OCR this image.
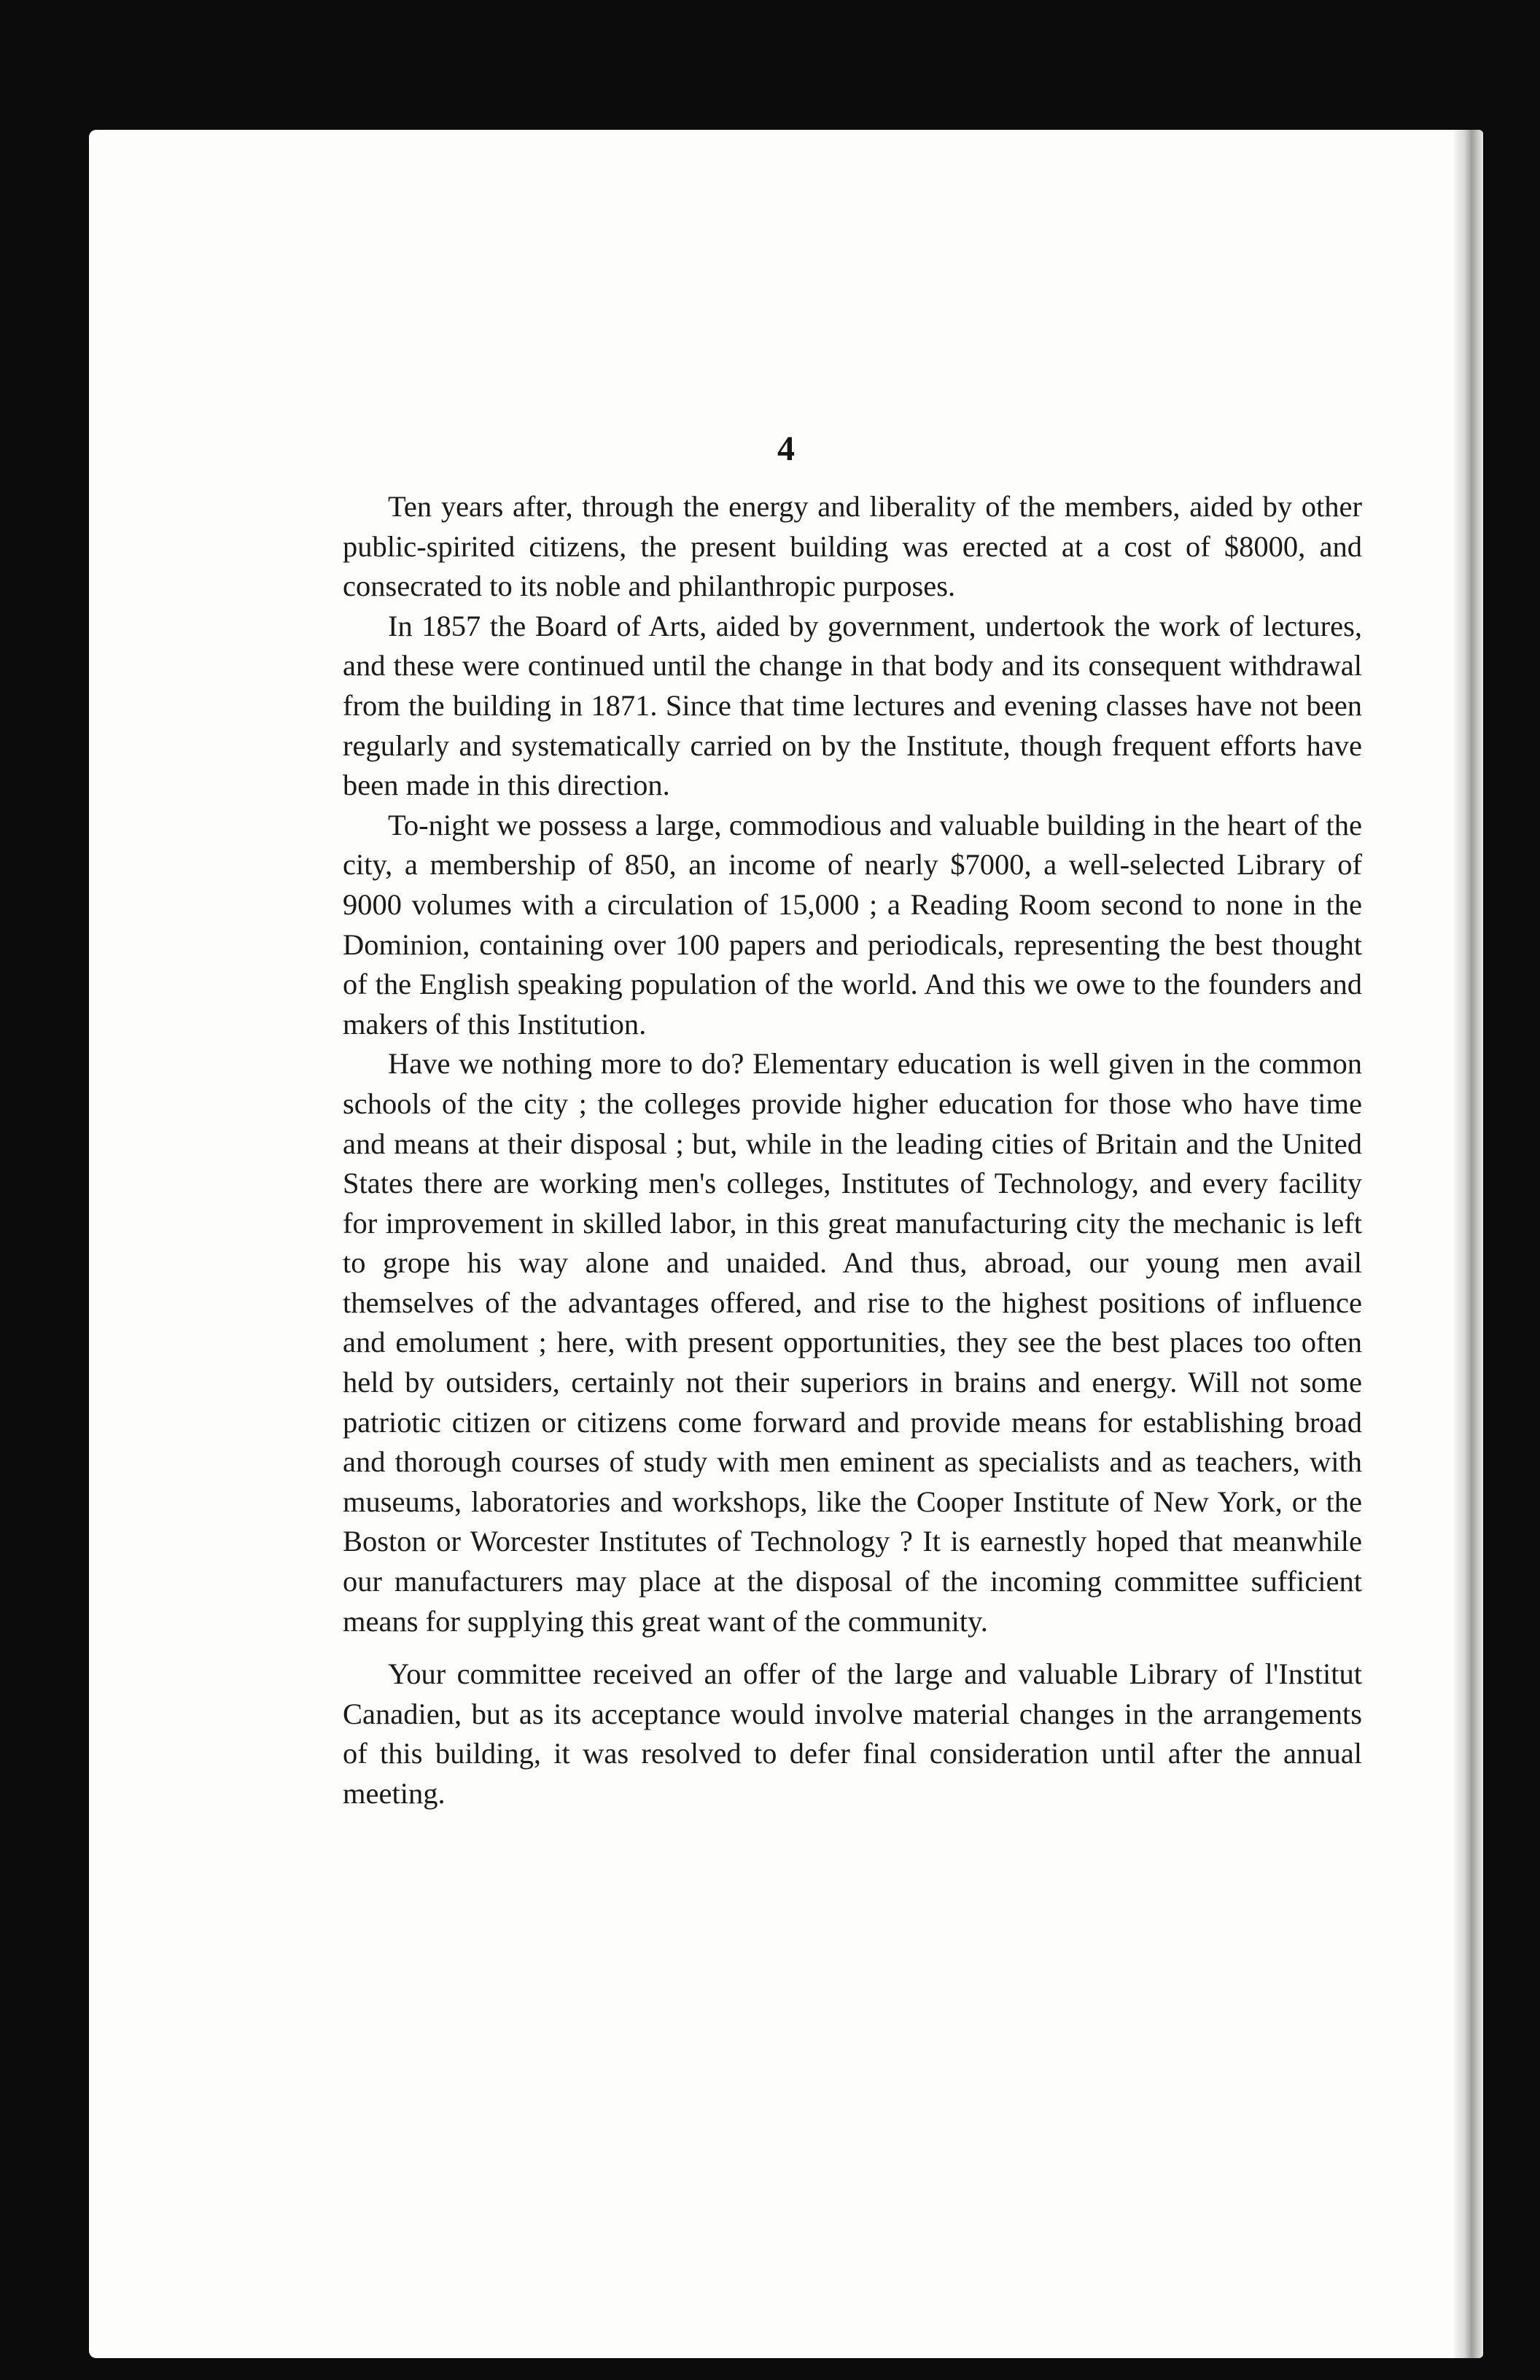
4

Ten years after, through the energy and liberality of the members, aided by other public-spirited citizens, the present building was erected at a cost of $8000, and consecrated to its noble and philanthropic purposes.

In 1857 the Board of Arts, aided by government, undertook the work of lectures, and these were continued until the change in that body and its consequent withdrawal from the building in 1871. Since that time lectures and evening classes have not been regularly and systematically carried on by the Institute, though frequent efforts have been made in this direction.

To-night we possess a large, commodious and valuable building in the heart of the city, a membership of 850, an income of nearly $7000, a well-selected Library of 9000 volumes with a circulation of 15,000 ; a Reading Room second to none in the Dominion, containing over 100 papers and periodicals, representing the best thought of the English speaking population of the world. And this we owe to the founders and makers of this Institution.

Have we nothing more to do? Elementary education is well given in the common schools of the city ; the colleges provide higher education for those who have time and means at their disposal ; but, while in the leading cities of Britain and the United States there are working men's colleges, Institutes of Technology, and every facility for improvement in skilled labor, in this great manufacturing city the mechanic is left to grope his way alone and unaided. And thus, abroad, our young men avail themselves of the advantages offered, and rise to the highest positions of influence and emolument ; here, with present opportunities, they see the best places too often held by outsiders, certainly not their superiors in brains and energy. Will not some patriotic citizen or citizens come forward and provide means for establishing broad and thorough courses of study with men eminent as specialists and as teachers, with museums, laboratories and workshops, like the Cooper Institute of New York, or the Boston or Worcester Institutes of Technology ? It is earnestly hoped that meanwhile our manufacturers may place at the disposal of the incoming committee sufficient means for supplying this great want of the community.

Your committee received an offer of the large and valuable Library of l'Institut Canadien, but as its acceptance would involve material changes in the arrangements of this building, it was resolved to defer final consideration until after the annual meeting.
